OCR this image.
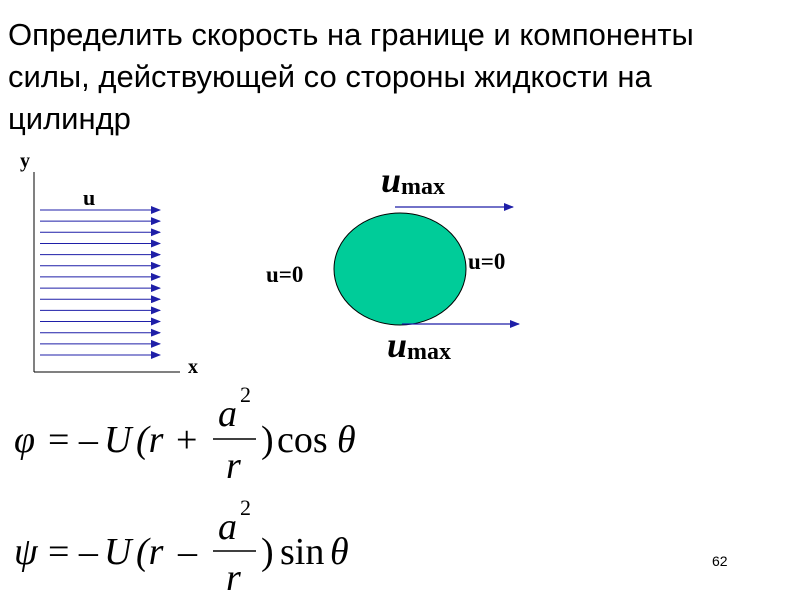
Определить скорость на границе и компоненты силы, действующей со стороны жидкости на цилиндр
y
x
u	umax
umax
u=0
u=0
φ = – U (r +
a 2
r
) cos θ
ψ = – U (r –
a 2
r
) sin θ	62
